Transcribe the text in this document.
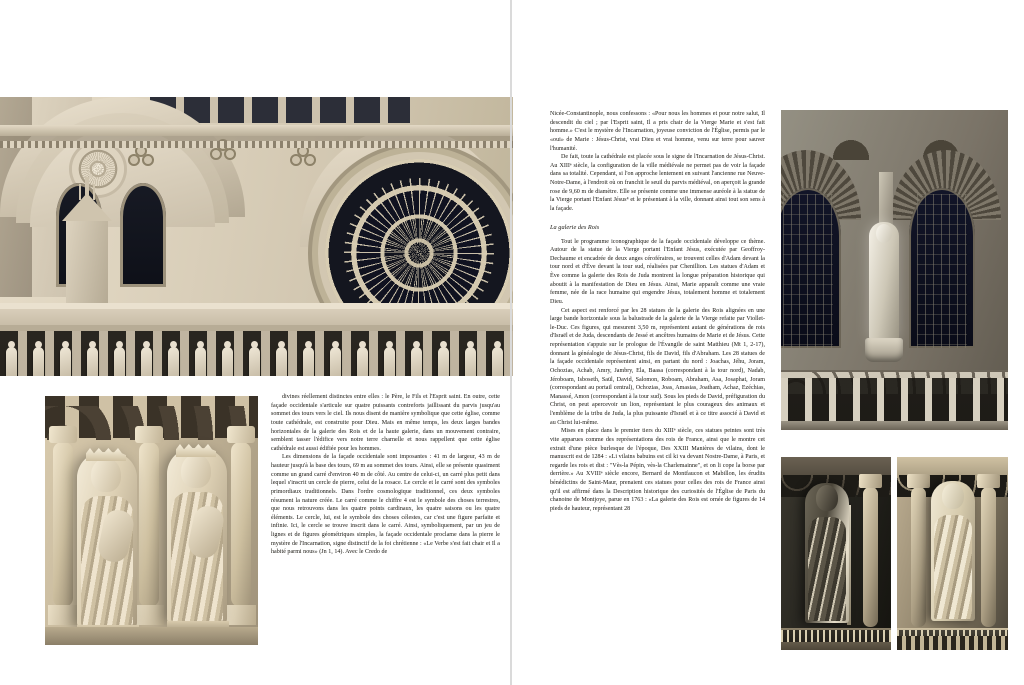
divines réellement distinctes entre elles : le Père, le Fils et l'Esprit saint. En outre, cette façade occidentale s'articule sur quatre puissants contreforts jaillissant du parvis jusqu'au sommet des tours vers le ciel. Ils nous disent de manière symbolique que cette église, comme toute cathédrale, est construite pour Dieu. Mais en même temps, les deux larges bandes horizontales de la galerie des Rois et de la haute galerie, dans un mouvement contraire, semblent tasser l'édifice vers notre terre charnelle et nous rappellent que cette église cathédrale est aussi édifiée pour les hommes.

Les dimensions de la façade occidentale sont imposantes : 41 m de largeur, 43 m de hauteur jusqu'à la base des tours, 69 m au sommet des tours. Ainsi, elle se présente quasiment comme un grand carré d'environ 40 m de côté. Au centre de celui-ci, un carré plus petit dans lequel s'inscrit un cercle de pierre, celui de la rosace. Le cercle et le carré sont des symboles primordiaux traditionnels. Dans l'ordre cosmologique traditionnel, ces deux symboles résument la nature créée. Le carré comme le chiffre 4 est le symbole des choses terrestres, que nous retrouvons dans les quatre points cardinaux, les quatre saisons ou les quatre éléments. Le cercle, lui, est le symbole des choses célestes, car c'est une figure parfaite et infinie. Ici, le cercle se trouve inscrit dans le carré. Ainsi, symboliquement, par un jeu de lignes et de figures géométriques simples, la façade occidentale proclame dans la pierre le mystère de l'Incarnation, signe distinctif de la foi chrétienne : «Le Verbe s'est fait chair et Il a habité parmi nous» (Jn 1, 14). Avec le Credo de

Nicée-Constantinople, nous confessons : «Pour nous les hommes et pour notre salut, Il descendit du ciel ; par l'Esprit saint, Il a pris chair de la Vierge Marie et s'est fait homme.» C'est le mystère de l'Incarnation, joyeuse conviction de l'Église, permis par le «oui» de Marie : Jésus-Christ, vrai Dieu et vrai homme, venu sur terre pour sauver l'humanité.

De fait, toute la cathédrale est placée sous le signe de l'Incarnation de Jésus-Christ. Au XIIIᵉ siècle, la configuration de la ville médiévale ne permet pas de voir la façade dans sa totalité. Cependant, si l'on approche lentement en suivant l'ancienne rue Neuve-Notre-Dame, à l'endroit où on franchit le seuil du parvis médiéval, on aperçoit la grande rose de 9,60 m de diamètre. Elle se présente comme une immense auréole à la statue de la Vierge portant l'Enfant Jésus⁴ et le présentant à la ville, donnant ainsi tout son sens à la façade.

La galerie des Rois

Tout le programme iconographique de la façade occidentale développe ce thème. Autour de la statue de la Vierge portant l'Enfant Jésus, exécutée par Geoffroy-Dechaume et encadrée de deux anges céroféraires, se trouvent celles d'Adam devant la tour nord et d'Ève devant la tour sud, réalisées par Chenillion. Les statues d'Adam et Ève comme la galerie des Rois de Juda montrent la longue préparation historique qui aboutit à la manifestation de Dieu en Jésus. Ainsi, Marie apparaît comme une vraie femme, née de la race humaine qui engendre Jésus, totalement homme et totalement Dieu.

Cet aspect est renforcé par les 28 statues de la galerie des Rois alignées en une large bande horizontale sous la balustrade de la galerie de la Vierge refaite par Viollet-le-Duc. Ces figures, qui mesurent 3,50 m, représentent autant de générations de rois d'Israël et de Juda, descendants de Jessé et ancêtres humains de Marie et de Jésus. Cette représentation s'appuie sur le prologue de l'Évangile de saint Matthieu (Mt 1, 2-17), donnant la généalogie de Jésus-Christ, fils de David, fils d'Abraham. Les 28 statues de la façade occidentale représentent ainsi, en partant du nord : Joachas, Jéhu, Joram, Ochozias, Achab, Amry, Jambry, Ela, Baasa (correspondant à la tour nord), Nadab, Jéroboam, Isboseth, Saül, David, Salomon, Roboam, Abraham, Asa, Josaphat, Joram (correspondant au portail central), Ochozias, Joas, Amasias, Joatham, Achaz, Ezéchias, Manassé, Amon (correspondant à la tour sud). Sous les pieds de David, préfiguration du Christ, on peut apercevoir un lion, représentant le plus courageux des animaux et l'emblème de la tribu de Juda, la plus puissante d'Israël et à ce titre associé à David et au Christ lui-même.

Mises en place dans le premier tiers du XIIIᵉ siècle, ces statues peintes sont très vite apparues comme des représentations des rois de France, ainsi que le montre cet extrait d'une pièce burlesque de l'époque, Des XXIII Manières de vilains, dont le manuscrit est de 1284 : «Li vilains babuins est cil ki va devant Nostre-Dame, à Paris, et regarde les rois et dist : "Vès-la Pépin, vès-la Charlemainne", et on li cope la borse par derrière.» Au XVIIIᵉ siècle encore, Bernard de Montfaucon et Mabillon, les érudits bénédictins de Saint-Maur, prenaient ces statues pour celles des rois de France ainsi qu'il est affirmé dans la Description historique des curiosités de l'Église de Paris du chanoine de Montjoye, parue en 1763 : «La galerie des Rois est ornée de figures de 14 pieds de hauteur, représentant 28
